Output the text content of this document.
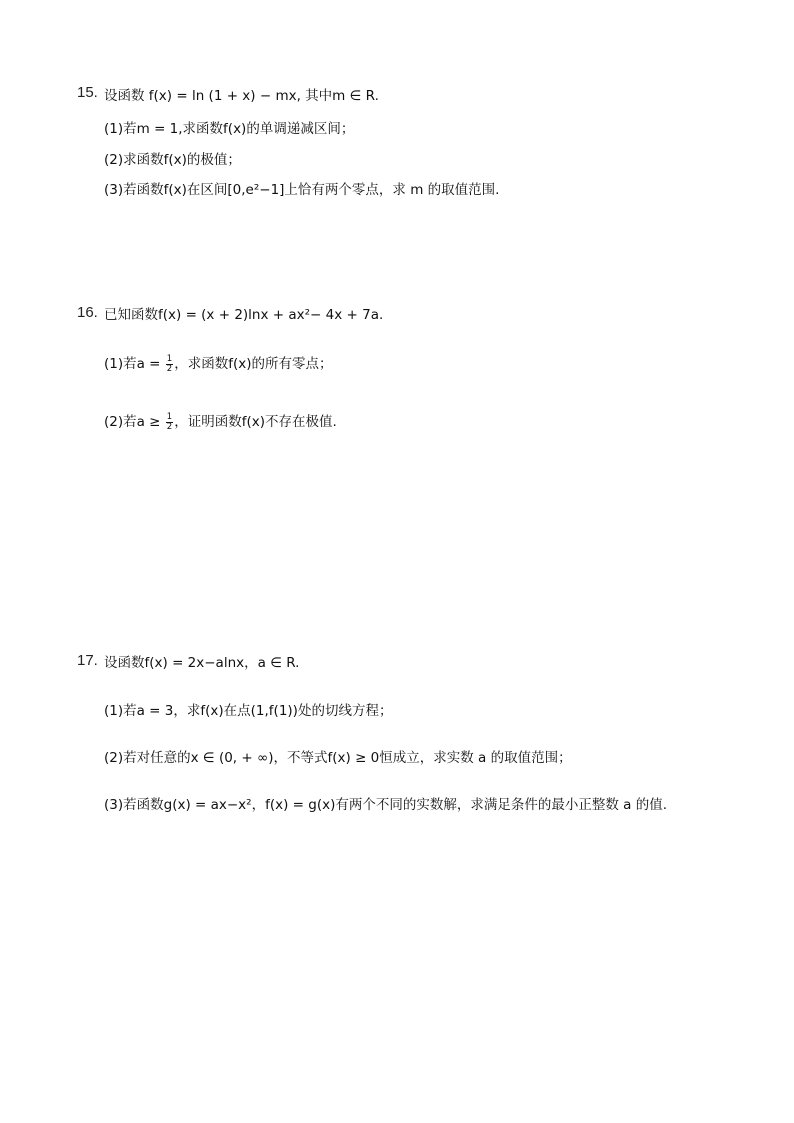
15. 设函数 f(x) = ln (1 + x) − mx, 其中m ∈ R.
(1)若m = 1,求函数f(x)的单调递减区间；
(2)求函数f(x)的极值；
(3)若函数f(x)在区间[0,e²−1]上恰有两个零点，求 m 的取值范围.
16. 已知函数f(x) = (x + 2)lnx + ax²− 4x + 7a.
(1)若$a = \frac{1}{2}$ ，求函数f(x)的所有零点；
(2)若$a \ge \frac{1}{2}$ ，证明函数f(x)不存在极值.
17. 设函数f(x) = 2x−alnx，a ∈ R.
(1)若a = 3，求f(x)在点(1,f(1))处的切线方程；
(2)若对任意的x ∈ (0, + ∞)，不等式f(x) ≥ 0恒成立，求实数 a 的取值范围；
(3)若函数g(x) = ax−x²，f(x) = g(x)有两个不同的实数解，求满足条件的最小正整数 a 的值.
